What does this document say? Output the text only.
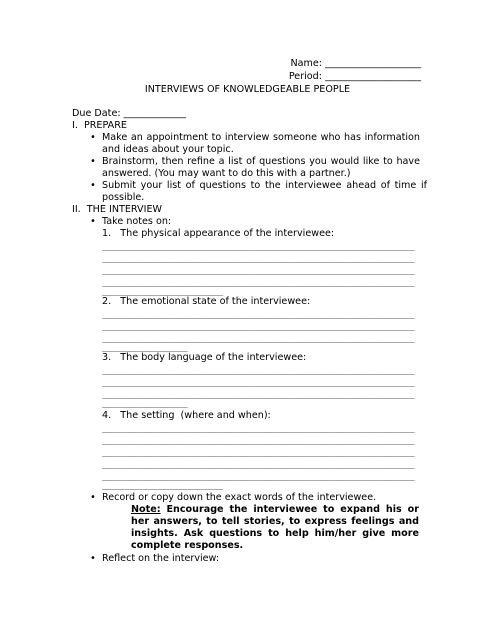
Name: ____________________
Period: ____________________
INTERVIEWS OF KNOWLEDGEABLE PEOPLE
Due Date: _____________
I.  PREPARE
• Make an appointment to interview someone who has information and ideas about your topic.
• Brainstorm, then refine a list of questions you would like to have answered. (You may want to do this with a partner.)
• Submit your list of questions to the interviewee ahead of time if possible.
II.  THE INTERVIEW
• Take notes on:
1.   The physical appearance of the interviewee:
______________________________________________________________
______________________________________________________________
______________________________________________________________
______________________________________________________________
________________________
2.   The emotional state of the interviewee:
______________________________________________________________
______________________________________________________________
______________________________________________________________
_________________
3.   The body language of the interviewee:
______________________________________________________________
______________________________________________________________
______________________________________________________________
_________________
4.   The setting  (where and when):
______________________________________________________________
______________________________________________________________
______________________________________________________________
______________________________________________________________
______________________________________________________________
________________________
• Record or copy down the exact words of the interviewee.
Note: Encourage the interviewee to expand his or her answers, to tell stories, to express feelings and insights. Ask questions to help him/her give more complete responses.
• Reflect on the interview:
